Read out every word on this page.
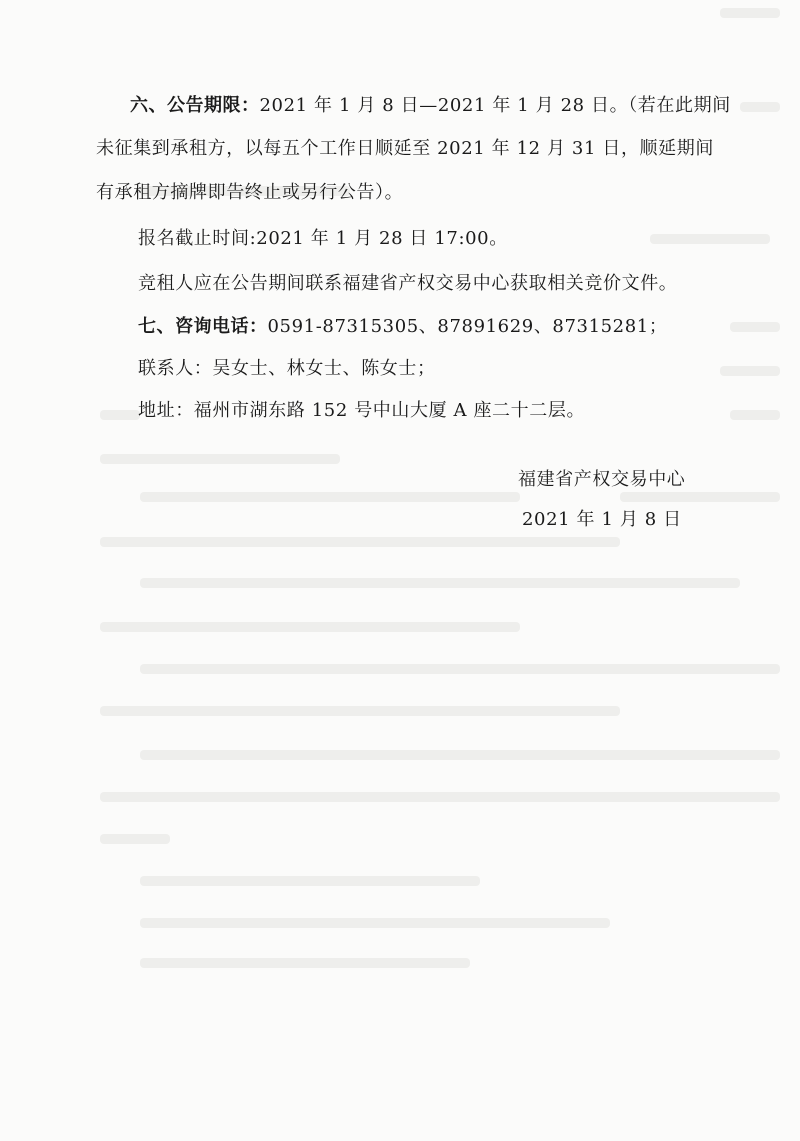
六、公告期限：2021 年 1 月 8 日—2021 年 1 月 28 日。（若在此期间
未征集到承租方，以每五个工作日顺延至 2021 年 12 月 31 日，顺延期间
有承租方摘牌即告终止或另行公告）。
报名截止时间:2021 年 1 月 28 日 17:00。
竞租人应在公告期间联系福建省产权交易中心获取相关竞价文件。
七、咨询电话：0591-87315305、87891629、87315281；
联系人：吴女士、林女士、陈女士；
地址：福州市湖东路 152 号中山大厦 A 座二十二层。
福建省产权交易中心
2021 年 1 月 8 日
